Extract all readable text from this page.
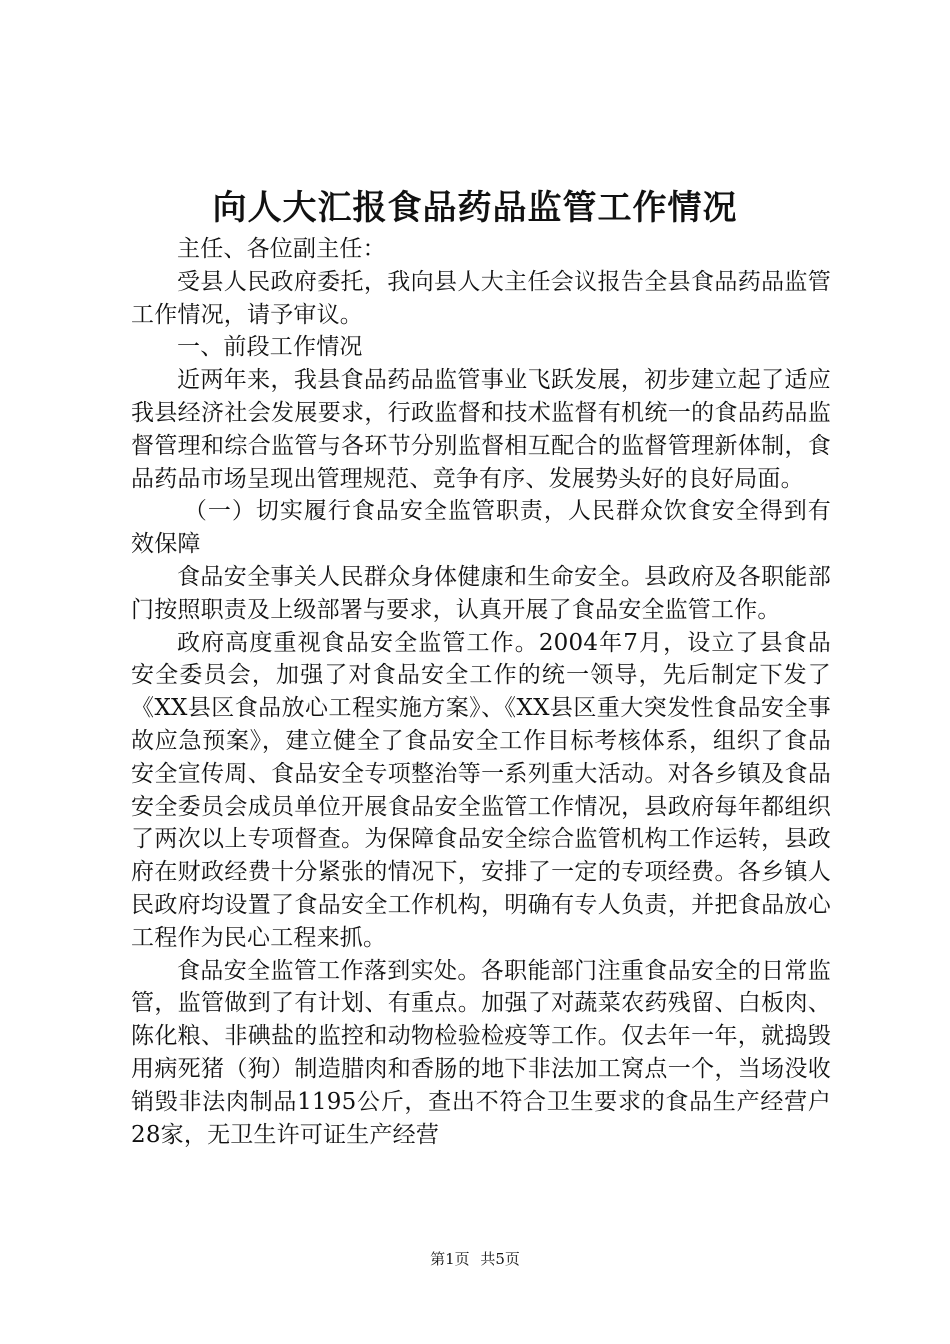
向人大汇报食品药品监管工作情况

主任、各位副主任：

受县人民政府委托，我向县人大主任会议报告全县食品药品监管工作情况，请予审议。

一、前段工作情况

近两年来，我县食品药品监管事业飞跃发展，初步建立起了适应我县经济社会发展要求，行政监督和技术监督有机统一的食品药品监督管理和综合监管与各环节分别监督相互配合的监督管理新体制，食品药品市场呈现出管理规范、竞争有序、发展势头好的良好局面。

（一）切实履行食品安全监管职责，人民群众饮食安全得到有效保障

食品安全事关人民群众身体健康和生命安全。县政府及各职能部门按照职责及上级部署与要求，认真开展了食品安全监管工作。

政府高度重视食品安全监管工作。2004年7月，设立了县食品安全委员会，加强了对食品安全工作的统一领导，先后制定下发了《XX县区食品放心工程实施方案》、《XX县区重大突发性食品安全事故应急预案》，建立健全了食品安全工作目标考核体系，组织了食品安全宣传周、食品安全专项整治等一系列重大活动。对各乡镇及食品安全委员会成员单位开展食品安全监管工作情况，县政府每年都组织了两次以上专项督查。为保障食品安全综合监管机构工作运转，县政府在财政经费十分紧张的情况下，安排了一定的专项经费。各乡镇人民政府均设置了食品安全工作机构，明确有专人负责，并把食品放心工程作为民心工程来抓。

食品安全监管工作落到实处。各职能部门注重食品安全的日常监管，监管做到了有计划、有重点。加强了对蔬菜农药残留、白板肉、陈化粮、非碘盐的监控和动物检验检疫等工作。仅去年一年，就捣毁用病死猪（狗）制造腊肉和香肠的地下非法加工窝点一个，当场没收销毁非法肉制品1195公斤，查出不符合卫生要求的食品生产经营户28家，无卫生许可证生产经营

第1页 共5页
